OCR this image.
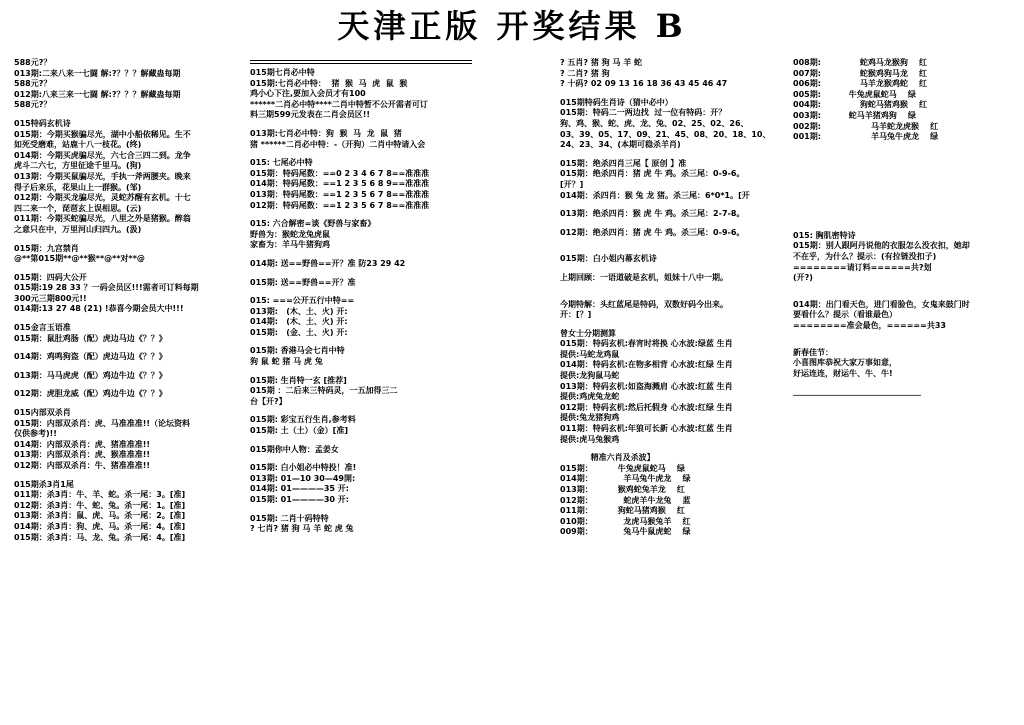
天津正版 开奖结果 B
588元?？
013期:二来八来一七闘 解:?？？？解藏蛊每期
588元?？
012期:八来三来一七闘 解:?？？？解藏蛊每期
588元?？
015特码玄机诗
015期：今期买猴骗尽光，湖中小船依稀见。生不
如死受磨难，站鹿十八一枝花。(终)
014期：今期买虎骗尽光，六七合三四二到。龙争
虎斗二六七，方里征途千里马。(狗)
013期：今期买鼠骗尽光，手执一斧两腰夹。晚来
得子后来乐，花果山上一群猴。(邹)
012期：今期买龙骗尽光，灵蛇苏醒有玄机。十七
四二来一个，琵琶玄上误相思。(云)
011期：今期买蛇骗尽光，八里之外是猪猴。醉翁
之意只在中，万里河山归四九。(汲)
015期：九宫禁肖
@**第015期**@**猴**@**对**@
015期：四码大公开
015期:19 28 33 ？一码会员区!!!需者可订料每期
300元三期800元!!
014期:13 27 48 (21) !恭喜今期会员大中!!!
015金言玉语准
015期：鼠肚鸡肠（配）虎边马边《？？》
014期：鸡鸣狗盗（配）虎边马边《？？》
013期：马马虎虎（配）鸡边牛边《？？》
012期：虎胆龙威（配）鸡边牛边《？？》
015内部双杀肖
015期：内部双杀肖：虎、马准准准!!（论坛资料
仅供参考)!!
014期：内部双杀肖：虎、猪准准准!!
013期：内部双杀肖：虎、猴准准准!!
012期：内部双杀肖：牛、猪准准准!!
015期杀3肖1尾
011期：杀3肖：牛、羊、蛇。杀一尾：3。[准]
012期：杀3肖：牛、蛇、兔。杀一尾：1。[准]
013期：杀3肖：鼠、虎、马。杀一尾：2。[准]
014期：杀3肖：狗、虎、马。杀一尾：4。[准]
015期：杀3肖：马、龙、兔。杀一尾：4。[准]
015期七肖必中特
015期:七肖必中特：  猪  猴  马  虎  鼠  猴
鸡小心下注,要加入会员才有100
******二肖必中特****二肖中特暂不公开需者可订
料三期599元发表在二肖会员区!!
013期:七肖必中特：狗  猴  马  龙  鼠  猪
猪 ******二肖必中特：-（开狗）二肖中特请入会
015: 七尾必中特
015期：特码尾数：==0 2 3 4 6 7 8==准准准
014期：特码尾数：==1 2 3 5 6 8 9==准准准
013期：特码尾数：==1 2 3 5 6 7 8==准准准
012期：特码尾数：==1 2 3 5 6 7 8==准准准
015: 六合解密=谈《野兽与家畜》
野兽为：猴蛇龙兔虎鼠
家畜为：羊马牛猪狗鸡
014期: 送==野兽==开？准 防23 29 42
015期: 送==野兽==开？准
015: ===公开五行中特==
013期:   (木、土、火) 开:
014期:   (木、土、火) 开:
015期:   (金、土、火) 开:
015期: 香港马会七肖中特
狗 鼠 蛇 猪 马 虎 兔
015期: 生肖特一玄 [推荐]
015期 ：二后来三特码灵，一五加得三二
台【开?】
015期: 彩宝五行生肖,参考料
015期: 土（土）（金）[准]
015期你中人物：孟姜女
015期: 白小姐必中特投！准!
013期: 01—10 30—49開:
014期: 01————35 开:
015期: 01————30 开:
015期: 二肖十码特特
? 七肖? 猪 狗 马 羊 蛇 虎 兔
? 五肖? 猪 狗 马 羊 蛇
? 二肖? 猪 狗
? 十码? 02 09 13 16 18 36 43 45 46 47
015期特码生肖诗（猜中必中）
015期：特码二一两边找  过一位有特码：开？
狗、鸡、猴、蛇、虎、龙、兔、02、25、02、26、
03、39、05、17、09、21、45、08、20、18、10、
24、23、34、(本期可稳杀羊肖)
015期：绝杀四肖三尾【 原创 】准
015期：绝杀四肖：猪 虎 牛 鸡。杀三尾：0-9-6。
[开？]
014期：杀四肖：猴 兔 龙 猪。杀三尾：6*0*1。[开
013期：绝杀四肖：猴 虎 牛 鸡。杀三尾：2-7-8。
012期：绝杀四肖：猪 虎 牛 鸡。杀三尾：0-9-6。
015期：白小姐内幕玄机诗
上期回顾：一语道破是玄机，姐妹十八中一期。
今期特解：头红蓝尾是特码，双数好码今出来。
开：[？]
曾女士分期测算
015期：特码玄机:春宵时将换 心水波:绿蓝 生肖
提供:马蛇龙鸡鼠
014期：特码玄机:在物多相背 心水波:红绿 生肖
提供:龙狗鼠马蛇
013期：特码玄机:如盗海溅肩 心水波:红蓝 生肖
提供:鸡虎兔龙蛇
012期：特码玄机:然后托假身 心水波:红绿 生肖
提供:兔龙猪狗鸡
011期：特码玄机:年狼可长新 心水波:红蓝 生肖
提供:虎马兔猴鸡
精准六肖及杀波】
015期：         牛兔虎鼠蛇马    绿
014期：           羊马兔牛虎龙    绿
013期：         猴鸡蛇兔羊龙    红
012期：           蛇虎羊牛龙兔    蓝
011期：         狗蛇马猪鸡猴    红
010期：           龙虎马猴兔羊    红
009期：           兔马牛鼠虎蛇    绿
008期:              蛇鸡马龙猴狗    红
007期:              蛇猴鸡狗马龙    红
006期:              马羊龙猴鸡蛇    红
005期:          牛兔虎鼠蛇马    绿
004期:              狗蛇马猪鸡猴    红
003期:          蛇马羊猪鸡狗    绿
002期:                  马羊蛇龙虎猴    红
001期:                  羊马兔牛虎龙    绿
015: 胸肌密特诗
015期：别人跟阿丹说他的衣服怎么没衣扣，她却
不在乎，为什么？提示：(有拉链没扣子)
========请订料======共?划
(开?)
014期：出门看天色，进门看脸色，女鬼来鼓门时
要看什么？提示（看谁最色）
========准会最色，======共33
新春佳节：
小喜图库恭祝大家万事如意，
好运连连，财运牛、牛、牛!
________________________________
